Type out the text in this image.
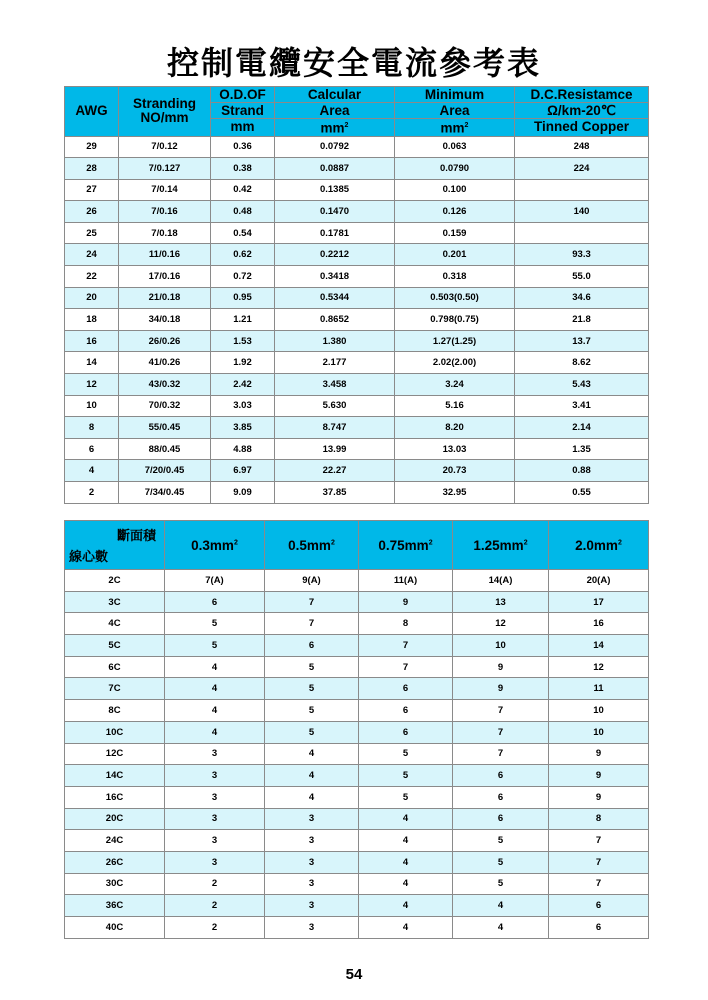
控制電纜安全電流參考表
AWG	Stranding
NO/mm	O.D.OF	Calcular	Minimum	D.C.Resistamce
		Strand	Area	Area	Ω/km-20℃
		mm	$mm^2$	$mm^2$	Tinned Copper
29	7/0.12	0.36	0.0792	0.063	248
28	7/0.127	0.38	0.0887	0.0790	224
27	7/0.14	0.42	0.1385	0.100	
26	7/0.16	0.48	0.1470	0.126	140
25	7/0.18	0.54	0.1781	0.159	
24	11/0.16	0.62	0.2212	0.201	93.3
22	17/0.16	0.72	0.3418	0.318	55.0
20	21/0.18	0.95	0.5344	0.503(0.50)	34.6
18	34/0.18	1.21	0.8652	0.798(0.75)	21.8
16	26/0.26	1.53	1.380	1.27(1.25)	13.7
14	41/0.26	1.92	2.177	2.02(2.00)	8.62
12	43/0.32	2.42	3.458	3.24	5.43
10	70/0.32	3.03	5.630	5.16	3.41
8	55/0.45	3.85	8.747	8.20	2.14
6	88/0.45	4.88	13.99	13.03	1.35
4	7/20/0.45	6.97	22.27	20.73	0.88
2	7/34/0.45	9.09	37.85	32.95	0.55
斷面積
線心數	$0.3mm^2$	$0.5mm^2$	$0.75mm^2$	$1.25mm^2$	$2.0mm^2$
2C	7(A)	9(A)	11(A)	14(A)	20(A)
3C	6	7	9	13	17
4C	5	7	8	12	16
5C	5	6	7	10	14
6C	4	5	7	9	12
7C	4	5	6	9	11
8C	4	5	6	7	10
10C	4	5	6	7	10
12C	3	4	5	7	9
14C	3	4	5	6	9
16C	3	4	5	6	9
20C	3	3	4	6	8
24C	3	3	4	5	7
26C	3	3	4	5	7
30C	2	3	4	5	7
36C	2	3	4	4	6
40C	2	3	4	4	6
54
